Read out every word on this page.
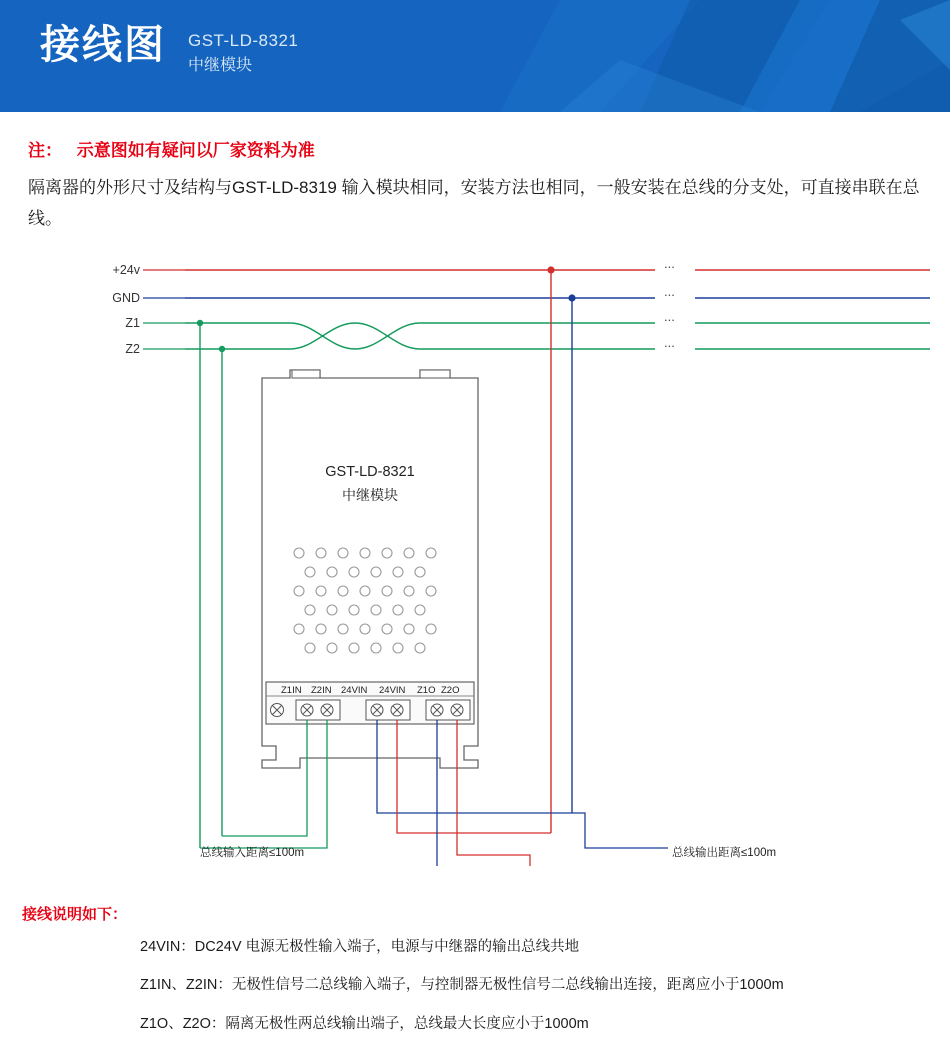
接线图 GST-LD-8321
中继模块
注： 示意图如有疑问以厂家资料为准
隔离器的外形尺寸及结构与GST-LD-8319 输入模块相同，安装方法也相同，一般安装在总线的分支处，可直接串联在总线。
...
...
...
...
+24v
GND
Z1
Z2
GST-LD-8321
中继模块
Z1IN Z2IN 24VIN 24VIN Z1O Z2O
总线输入距离≤100m	总线输出距离≤100m
接线说明如下：
24VIN：DC24V 电源无极性输入端子，电源与中继器的输出总线共地
Z1IN、Z2IN：无极性信号二总线输入端子，与控制器无极性信号二总线输出连接，距离应小于1000m
Z1O、Z2O：隔离无极性两总线输出端子，总线最大长度应小于1000m
